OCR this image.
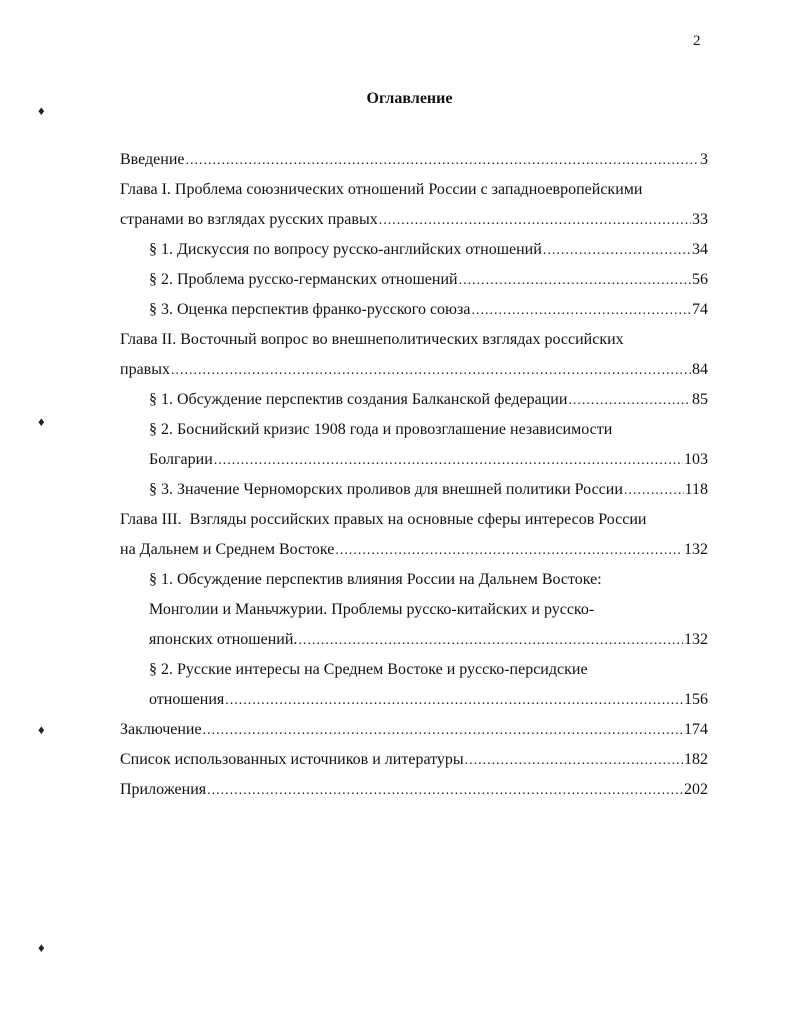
2
♦
♦
♦
♦
Оглавление
Введение .....	3
Глава I. Проблема союзнических отношений России с западноевропейскими
странами во взглядах русских правых .....	33
§ 1. Дискуссия по вопросу русско-английских отношений .....	34
§ 2. Проблема русско-германских отношений .....	56
§ 3. Оценка перспектив франко-русского союза .....	74
Глава II. Восточный вопрос во внешнеполитических взглядах российских
правых .....	84
§ 1. Обсуждение перспектив создания Балканской федерации .....	85
§ 2. Боснийский кризис 1908 года и провозглашение независимости
Болгарии .....	103
§ 3. Значение Черноморских проливов для внешней политики России .....	118
Глава III.  Взгляды российских правых на основные сферы интересов России
на Дальнем и Среднем Востоке .....	132
§ 1. Обсуждение перспектив влияния России на Дальнем Востоке:
Монголии и Маньчжурии. Проблемы русско-китайских и русско-
японских отношений. .....	132
§ 2. Русские интересы на Среднем Востоке и русско-персидские
отношения .....	156
Заключение .....	174
Список использованных источников и литературы .....	182
Приложения .....	202
